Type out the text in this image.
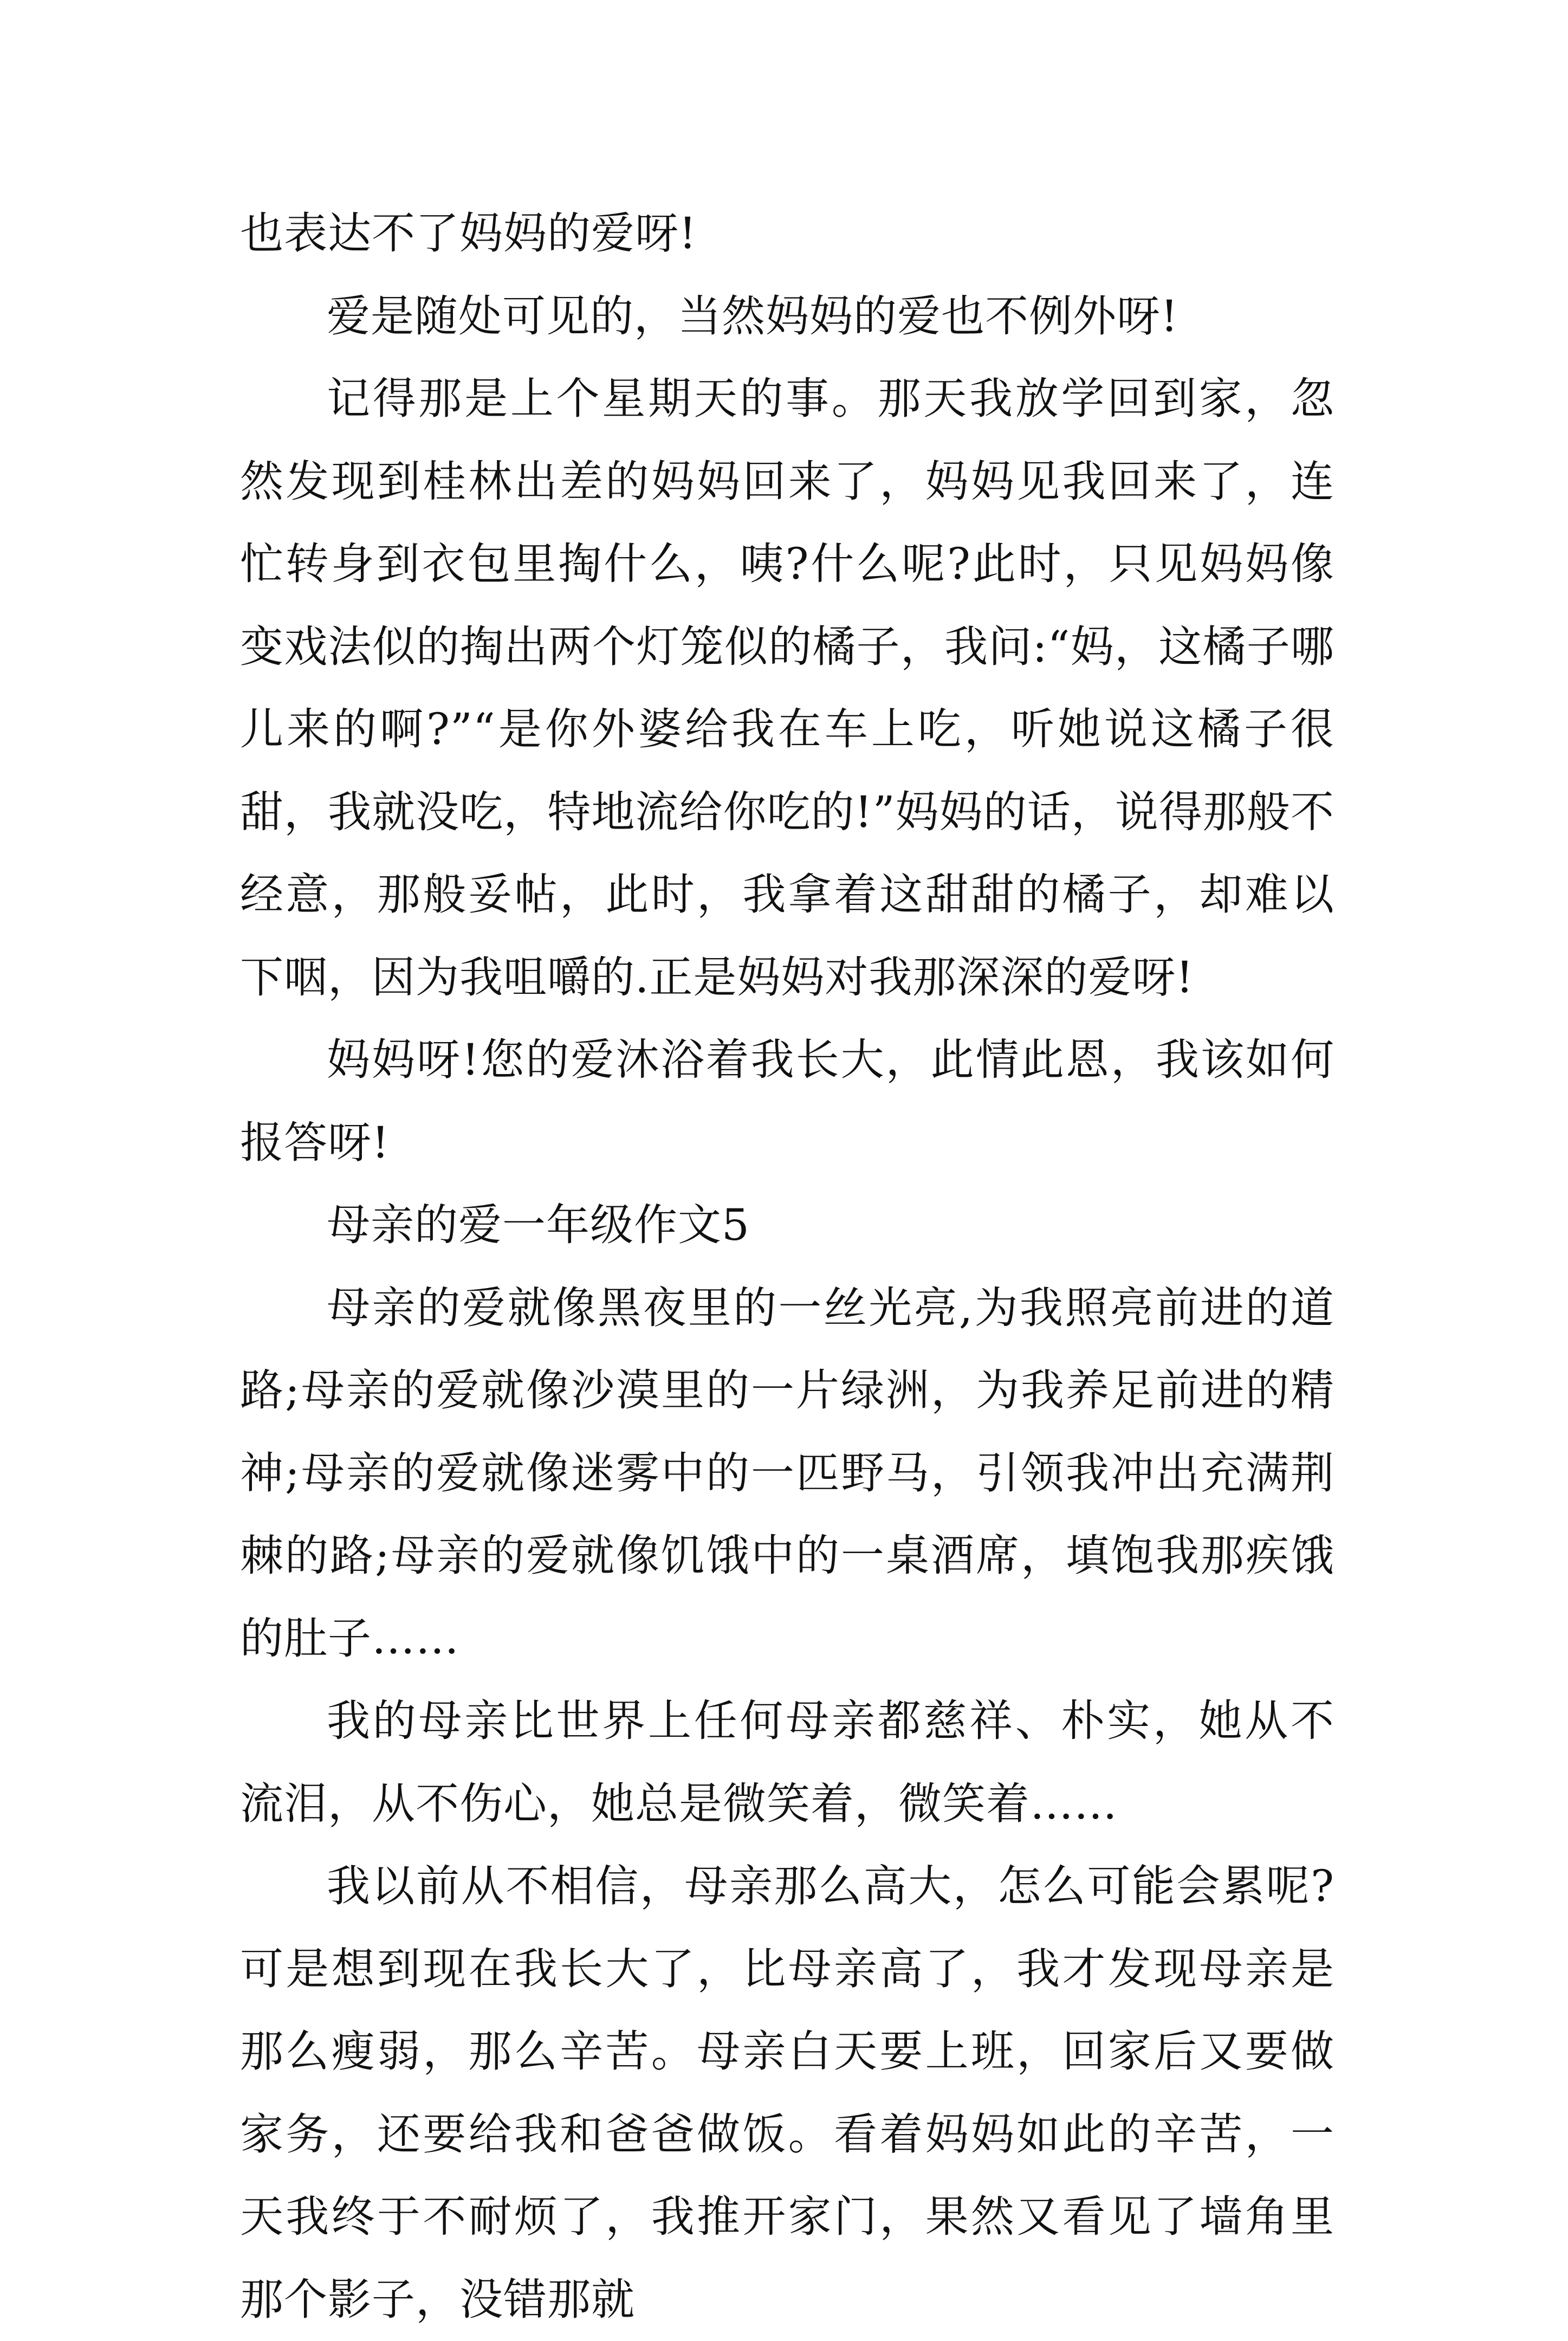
也表达不了妈妈的爱呀!

爱是随处可见的，当然妈妈的爱也不例外呀!

记得那是上个星期天的事。那天我放学回到家，忽然发现到桂林出差的妈妈回来了，妈妈见我回来了，连忙转身到衣包里掏什么，咦?什么呢?此时，只见妈妈像变戏法似的掏出两个灯笼似的橘子，我问:“妈，这橘子哪儿来的啊?”“是你外婆给我在车上吃，听她说这橘子很甜，我就没吃，特地流给你吃的!”妈妈的话，说得那般不经意，那般妥帖，此时，我拿着这甜甜的橘子，却难以下咽，因为我咀嚼的.正是妈妈对我那深深的爱呀!

妈妈呀!您的爱沐浴着我长大，此情此恩，我该如何报答呀!

母亲的爱一年级作文5

母亲的爱就像黑夜里的一丝光亮,为我照亮前进的道路;母亲的爱就像沙漠里的一片绿洲，为我养足前进的精神;母亲的爱就像迷雾中的一匹野马，引领我冲出充满荆棘的路;母亲的爱就像饥饿中的一桌酒席，填饱我那疾饿的肚子……

我的母亲比世界上任何母亲都慈祥、朴实，她从不流泪，从不伤心，她总是微笑着，微笑着……

我以前从不相信，母亲那么高大，怎么可能会累呢?可是想到现在我长大了，比母亲高了，我才发现母亲是那么瘦弱，那么辛苦。母亲白天要上班，回家后又要做家务，还要给我和爸爸做饭。看着妈妈如此的辛苦，一天我终于不耐烦了，我推开家门，果然又看见了墙角里那个影子，没错那就
